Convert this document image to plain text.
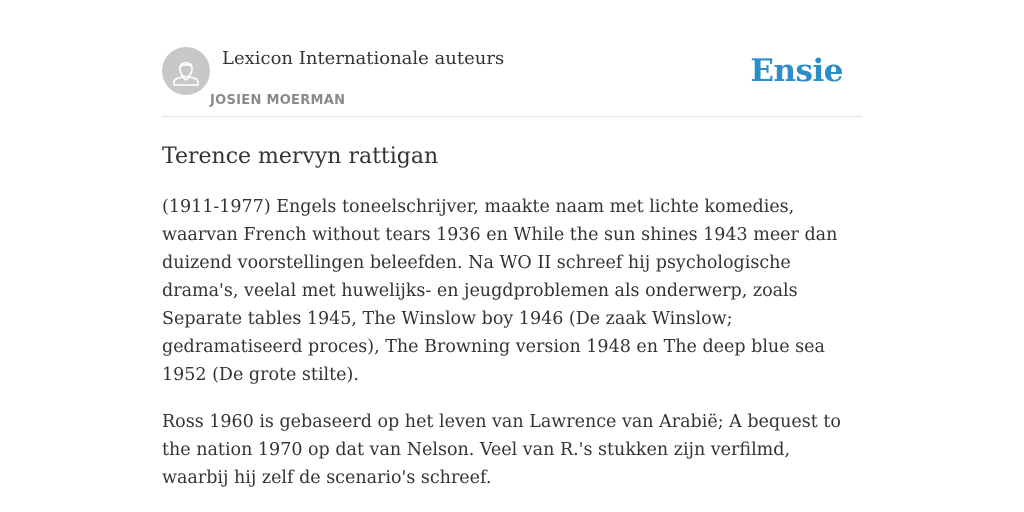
Lexicon Internationale auteurs
JOSIEN MOERMAN
Ensie
Terence mervyn rattigan

(1911-1977) Engels toneelschrijver, maakte naam met lichte komedies, waarvan French without tears 1936 en While the sun shines 1943 meer dan duizend voorstellingen beleefden. Na WO II schreef hij psychologische drama's, veelal met huwelijks- en jeugdproblemen als onderwerp, zoals Separate tables 1945, The Winslow boy 1946 (De zaak Winslow; gedramatiseerd proces), The Browning version 1948 en The deep blue sea 1952 (De grote stilte).

Ross 1960 is gebaseerd op het leven van Lawrence van Arabië; A bequest to the nation 1970 op dat van Nelson. Veel van R.'s stukken zijn verfilmd, waarbij hij zelf de scenario's schreef.
